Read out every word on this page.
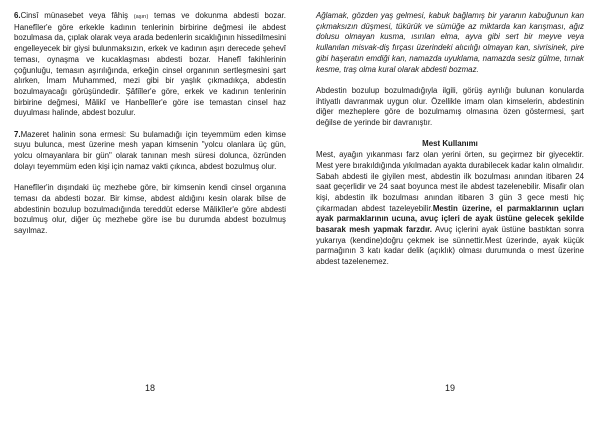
6.Cinsî münasebet veya fâhiş (aşırı) temas ve dokunma abdesti bozar. Hanefîler'e göre erkekle kadının tenlerinin birbirine değmesi ile abdest bozulmasa da, çıplak olarak veya arada bedenlerin sıcaklığının hissedilmesini engelleyecek bir giysi bulunmaksızın, erkek ve kadının aşırı derecede şehevî teması, oynaşma ve kucaklaşması abdesti bozar. Hanefî fakihlerinin çoğunluğu, temasın aşırılığında, erkeğin cinsel organının sertleşmesini şart alırken, İmam Muhammed, mezi gibi bir yaşlık çıkmadıkça, abdestin bozulmayacağı görüşündedir. Şâfiîler'e göre, erkek ve kadının tenlerinin birbirine değmesi, Mâlikî ve Hanbelîler'e göre ise temastan cinsel haz duyulması halinde, abdest bozulur.

7.Mazeret halinin sona ermesi: Su bulamadığı için teyemmüm eden kimse suyu bulunca, mest üzerine mesh yapan kimsenin "yolcu olanlara üç gün, yolcu olmayanlara bir gün" olarak tanınan mesh süresi dolunca, özründen dolayı teyemmüm eden kişi için namaz vakti çıkınca, abdest bozulmuş olur.

Hanefîler'in dışındaki üç mezhebe göre, bir kimsenin kendi cinsel organına teması da abdesti bozar. Bir kimse, abdest aldığını kesin olarak bilse de abdestinin bozulup bozulmadığında tereddüt ederse Mâlikîler'e göre abdesti bozulmuş olur, diğer üç mezhebe göre ise bu durumda abdest bozulmuş sayılmaz.

18

Ağlamak, gözden yaş gelmesi, kabuk bağlamış bir yaranın kabuğunun kan çıkmaksızın düşmesi, tükürük ve sümüğe az miktarda kan karışması, ağız dolusu olmayan kusma, ısırılan elma, ayva gibi sert bir meyve veya kullanılan misvak-diş fırçası üzerindeki alıcılığı olmayan kan, sivrisinek, pire gibi haşeratın emdiği kan, namazda uyuklama, namazda sesiz gülme, tırnak kesme, traş olma kural olarak abdesti bozmaz.

Abdestin bozulup bozulmadığıyla ilgili, görüş ayrılığı bulunan konularda ihtiyatlı davranmak uygun olur. Özellikle imam olan kimselerin, abdestinin diğer mezheplere göre de bozulmamış olmasına özen göstermesi, şart değilse de yerinde bir davranıştır.

Mest Kullanımı

Mest, ayağın yıkanması farz olan yerini örten, su geçirmez bir giyecektir. Mest yere bırakıldığında yıkılmadan ayakta durabilecek kadar kalın olmalıdır.

Sabah abdesti ile giyilen mest, abdestin ilk bozulması anından itibaren 24 saat geçerlidir ve 24 saat boyunca mest ile abdest tazelenebilir. Misafir olan kişi, abdestin ilk bozulması anından itibaren 3 gün 3 gece mesti hiç çıkarmadan abdest tazeleyebilir.Mestin üzerine, el parmaklarının uçları ayak parmaklarının ucuna, avuç içleri de ayak üstüne gelecek şekilde basarak mesh yapmak farzdır. Avuç içlerini ayak üstüne bastıktan sonra yukarıya (kendine)doğru çekmek ise sünnettir.Mest üzerinde, ayak küçük parmağının 3 katı kadar delik (açıklık) olması durumunda o mest üzerine abdest tazelenemez.

19
